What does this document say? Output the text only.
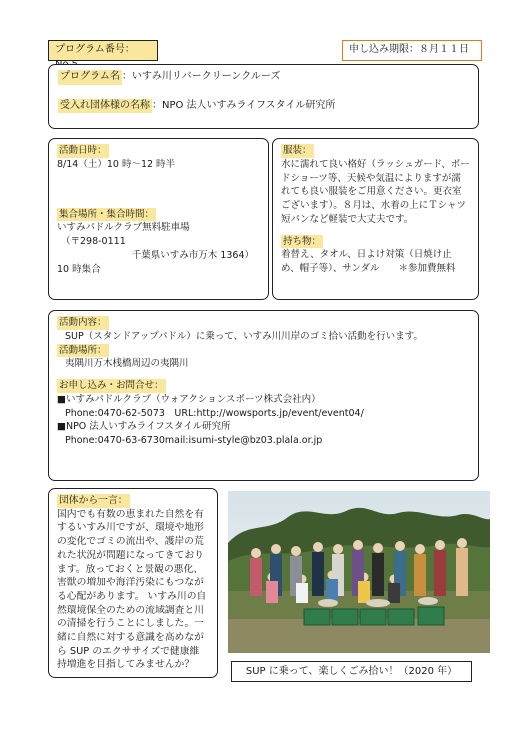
プログラム番号：	申し込み期限：８月１１日
プログラム名 ：いすみ川リバークリーンクルーズ
受入れ団体様の名称 ：NPO 法人いすみライフスタイル研究所
活動日時：
8/14（土）10 時～12 時半
集合場所・集合時間：
いすみパドルクラブ無料駐車場
（〒298-0111
千葉県いすみ市万木 1364）
10 時集合
服装：
水に濡れて良い格好（ラッシュガード、ボードショーツ等、天候や気温によりますが濡れても良い服装をご用意ください。更衣室ございます）。８月は、水着の上にＴシャツ短パンなど軽装で大丈夫です。
持ち物：
着替え、タオル、日よけ対策（日焼け止め、帽子等）、サンダル　　＊参加費無料
活動内容：
SUP（スタンドアップパドル）に乗って、いすみ川川岸のゴミ拾い活動を行います。
活動場所：
夷隅川万木桟橋周辺の夷隅川
お申し込み・お問合せ：
■いすみパドルクラブ（ウォアクションスポーツ株式会社内）
Phone:0470-62-5073　URL:http://wowsports.jp/event/event04/
■NPO 法人いすみライフスタイル研究所
Phone:0470-63-6730mail:isumi-style@bz03.plala.or.jp
団体から一言：
国内でも有数の恵まれた自然を有するいすみ川ですが、環境や地形の変化でゴミの流出や、護岸の荒れた状況が問題になってきております。放っておくと景観の悪化、害獣の増加や海洋汚染にもつながる心配があります。 いすみ川の自然環境保全のための流域調査と川の清掃を行うことにしました。一緒に自然に対する意識を高めながら SUP のエクササイズで健康維持増進を目指してみませんか？
SUP に乗って、楽しくごみ拾い！（2020 年）
